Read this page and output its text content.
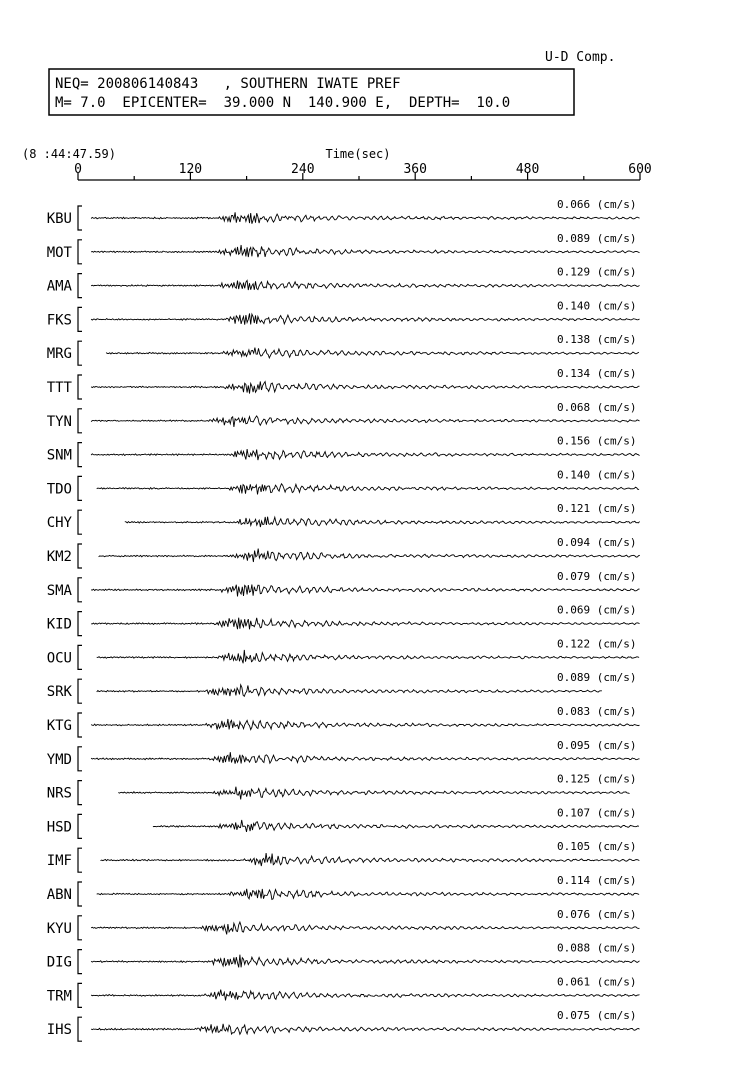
U-D Comp.
NEQ= 200806140843   , SOUTHERN IWATE PREF
M= 7.0  EPICENTER=  39.000 N  140.900 E,  DEPTH=  10.0
(8 :44:47.59)	Time(sec)
0	120	240	360	480	600
KBU
0.066 (cm/s)
MOT
0.089 (cm/s)
AMA
0.129 (cm/s)
FKS
0.140 (cm/s)
MRG
0.138 (cm/s)
TTT
0.134 (cm/s)
TYN
0.068 (cm/s)
SNM
0.156 (cm/s)
TDO
0.140 (cm/s)
CHY
0.121 (cm/s)
KM2
0.094 (cm/s)
SMA
0.079 (cm/s)
KID
0.069 (cm/s)
OCU
0.122 (cm/s)
SRK
0.089 (cm/s)
KTG
0.083 (cm/s)
YMD
0.095 (cm/s)
NRS
0.125 (cm/s)
HSD
0.107 (cm/s)
IMF
0.105 (cm/s)
ABN
0.114 (cm/s)
KYU
0.076 (cm/s)
DIG
0.088 (cm/s)
TRM
0.061 (cm/s)
IHS
0.075 (cm/s)
